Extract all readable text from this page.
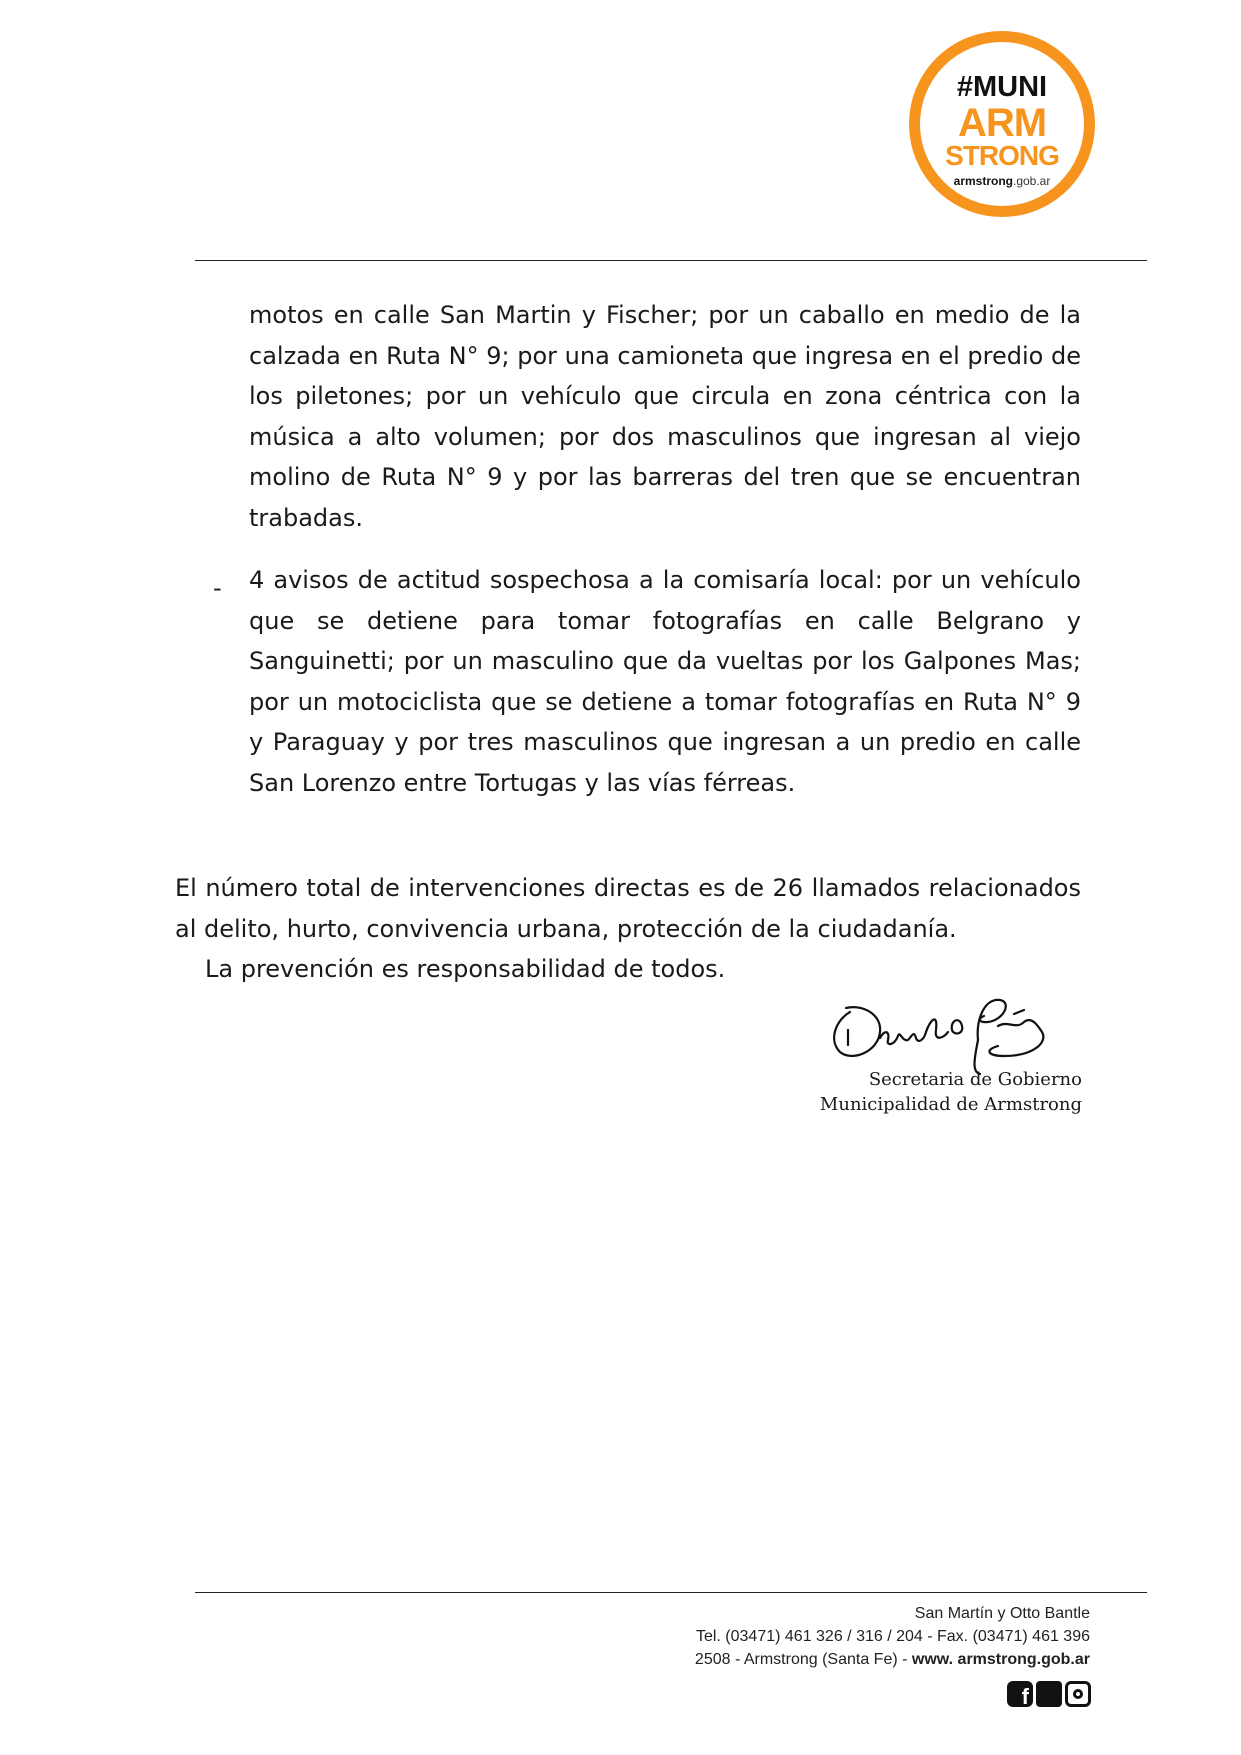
#MUNI
ARM
STRONG
armstrong.gob.ar

motos en calle San Martin y Fischer; por un caballo en medio de la calzada en Ruta N° 9; por una camioneta que ingresa en el predio de los piletones; por un vehículo que circula en zona céntrica con la música a alto volumen; por dos masculinos que ingresan al viejo molino de Ruta N° 9 y por las barreras del tren que se encuentran trabadas.

- 4 avisos de actitud sospechosa a la comisaría local: por un vehículo que se detiene para tomar fotografías en calle Belgrano y Sanguinetti; por un masculino que da vueltas por los Galpones Mas; por un motociclista que se detiene a tomar fotografías en Ruta N° 9 y Paraguay y por tres masculinos que ingresan a un predio en calle San Lorenzo entre Tortugas y las vías férreas.

El número total de intervenciones directas es de 26 llamados relacionados al delito, hurto, convivencia urbana, protección de la ciudadanía.

La prevención es responsabilidad de todos.

Secretaria de Gobierno
Municipalidad de Armstrong
San Martín y Otto Bantle
Tel. (03471) 461 326 / 316 / 204 - Fax. (03471) 461 396
2508 - Armstrong (Santa Fe) - www. armstrong.gob.ar
f
